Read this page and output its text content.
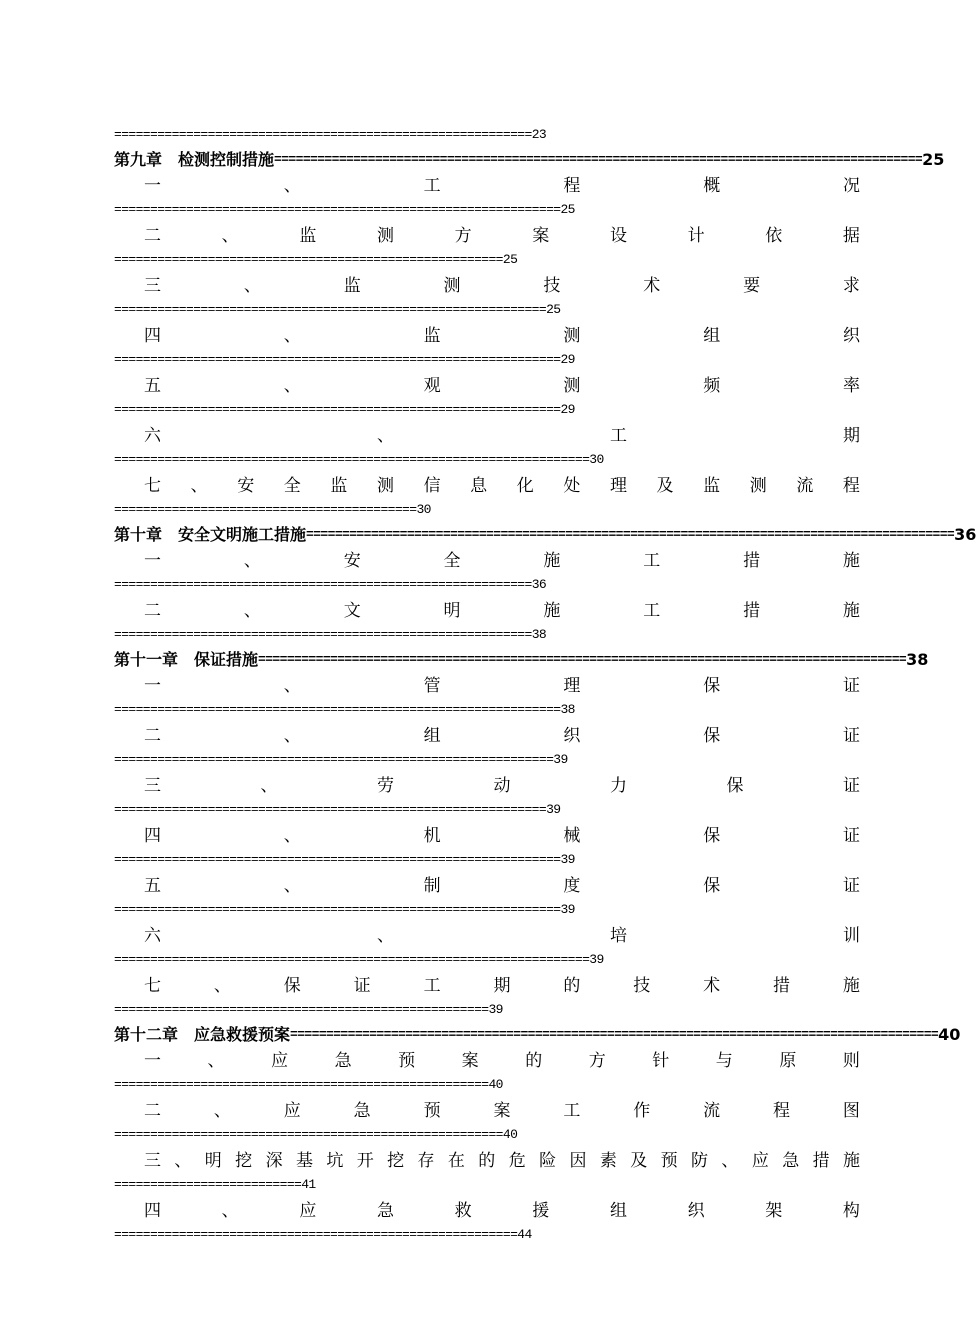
==========================================================23
第九章　检测控制措施 ========================================================================================== 25
一	、	工	程	概	况
==============================================================25
二	、	监	测	方	案	设	计	依	据
======================================================25
三	、	监	测	技	术	要	求
============================================================25
四	、	监	测	组	织
==============================================================29
五	、	观	测	频	率
==============================================================29
六	、	工	期
==================================================================30
七 、 安 全 监 测 信 息 化 处 理 及 监 测 流 程
==========================================30
第十章　安全文明施工措施 ========================================================================================== 36
一	、	安	全	施	工	措	施
==========================================================36
二	、	文	明	施	工	措	施
==========================================================38
第十一章　保证措施 ========================================================================================== 38
一	、	管	理	保	证
==============================================================38
二	、	组	织	保	证
=============================================================39
三	、	劳	动	力	保	证
============================================================39
四	、	机	械	保	证
==============================================================39
五	、	制	度	保	证
==============================================================39
六	、	培	训
==================================================================39
七	、	保	证	工	期	的	技	术	措	施
====================================================39
第十二章　应急救援预案 ========================================================================================== 40
一	、	应	急	预	案	的	方	针	与	原	则
====================================================40
二	、	应	急	预	案	工	作	流	程	图
======================================================40
三 、 明 挖 深 基 坑 开 挖 存 在 的 危 险 因 素 及 预 防 、 应 急 措 施
==========================41
四	、	应	急	救	援	组	织	架	构
========================================================44
